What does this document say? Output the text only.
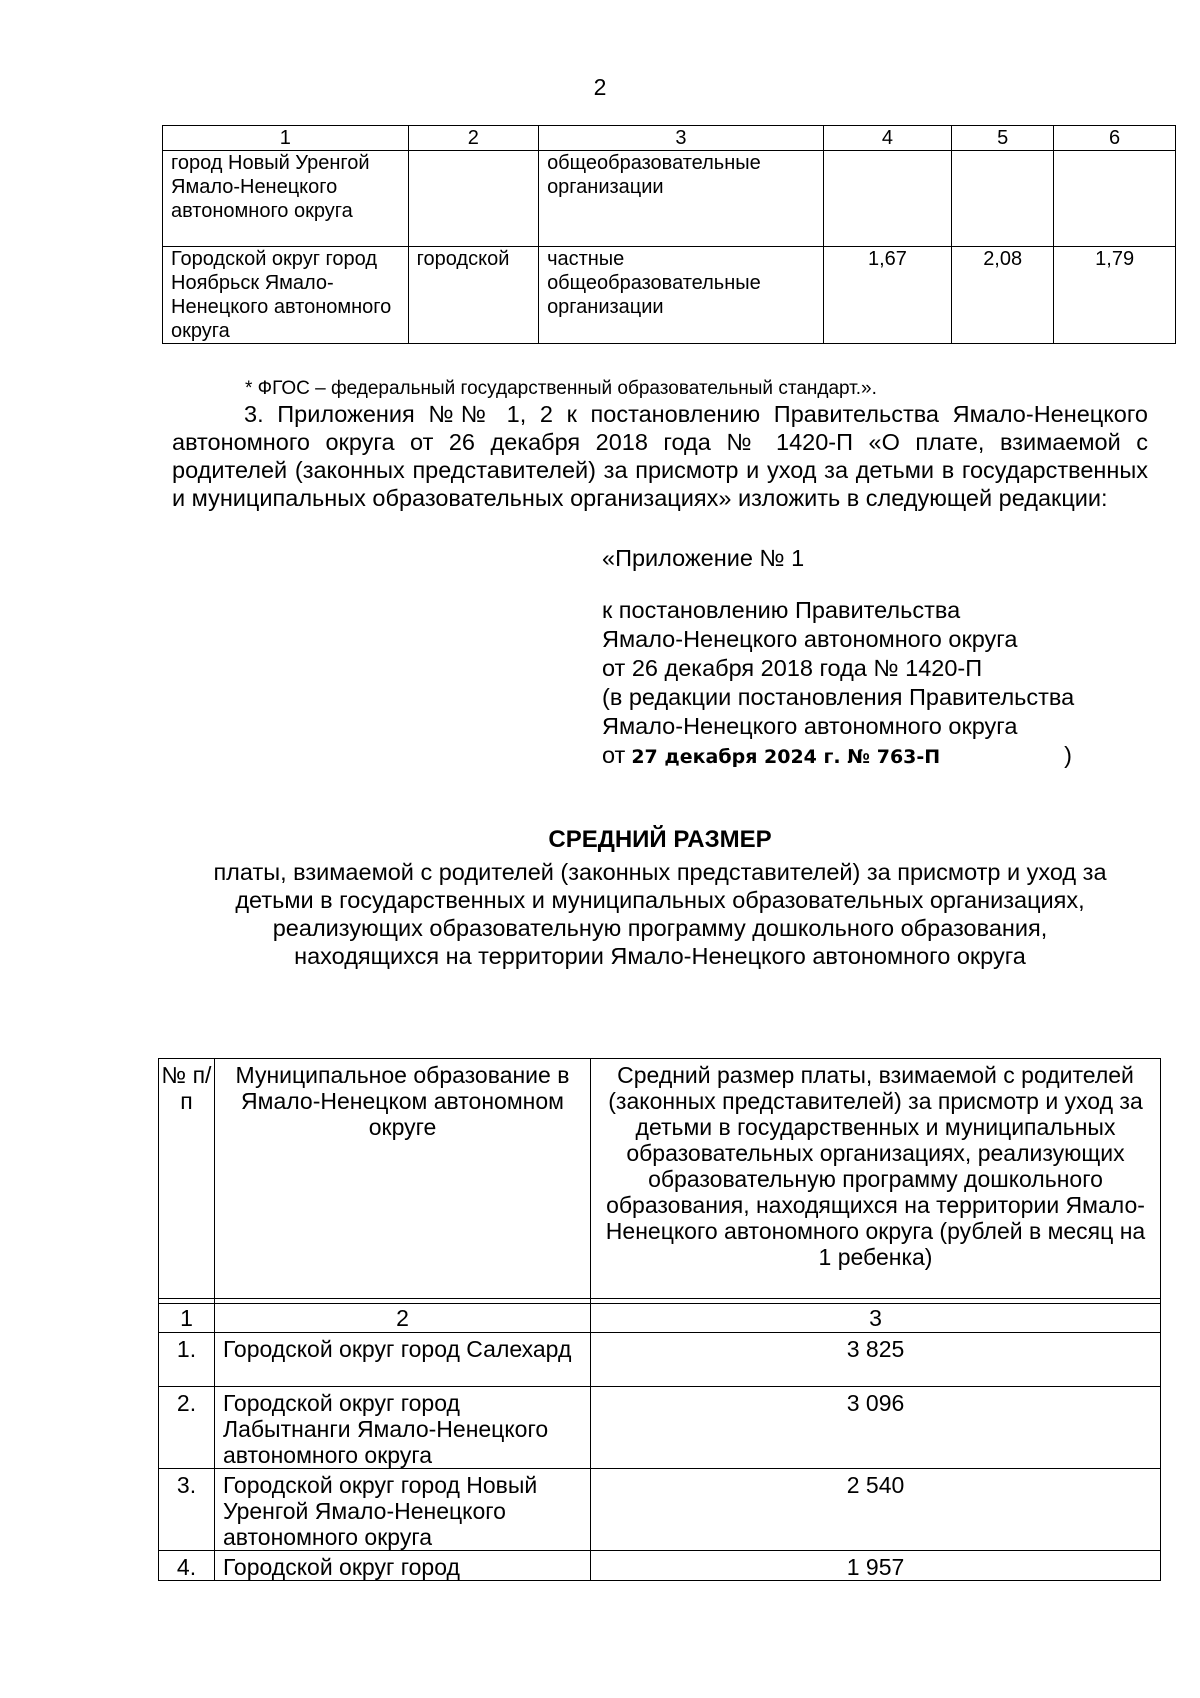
2
1	2	3	4	5	6
город Новый Уренгой Ямало-Ненецкого автономного округа		общеобразовательные организации			
Городской округ город Ноябрьск Ямало-Ненецкого автономного округа	городской	частные общеобразовательные организации	1,67	2,08	1,79
* ФГОС – федеральный государственный образовательный стандарт.».

3. Приложения №№ 1, 2 к постановлению Правительства Ямало-Ненецкого автономного округа от 26 декабря 2018 года № 1420-П «О плате, взимаемой с родителей (законных представителей) за присмотр и уход за детьми в государственных и муниципальных образовательных организациях» изложить в следующей редакции:

«Приложение № 1
к постановлению Правительства
Ямало-Ненецкого автономного округа
от 26 декабря 2018 года № 1420-П
(в редакции постановления Правительства
Ямало-Ненецкого автономного округа
от 27 декабря 2024 г. № 763-П	)
СРЕДНИЙ РАЗМЕР
платы, взимаемой с родителей (законных представителей) за присмотр и уход за детьми в государственных и муниципальных образовательных организациях, реализующих образовательную программу дошкольного образования, находящихся на территории Ямало-Ненецкого автономного округа
№ п/п	Муниципальное образование в Ямало-Ненецком автономном округе	Средний размер платы, взимаемой с родителей (законных представителей) за присмотр и уход за детьми в государственных и муниципальных образовательных организациях, реализующих образовательную программу дошкольного образования, находящихся на территории Ямало-Ненецкого автономного округа (рублей в месяц на 1 ребенка)

1	2	3
1.	Городской округ город Салехард	3 825
2.	Городской округ город Лабытнанги Ямало-Ненецкого автономного округа	3 096
3.	Городской округ город Новый Уренгой Ямало-Ненецкого автономного округа	2 540
4.	Городской округ город	1 957
